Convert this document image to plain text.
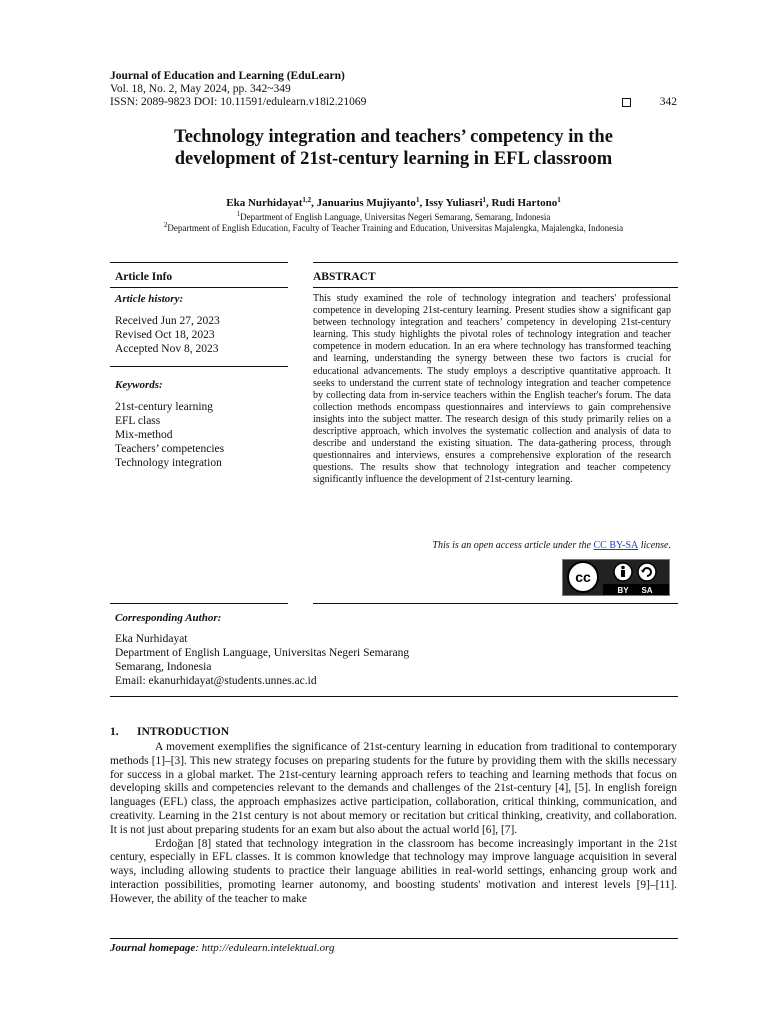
Journal of Education and Learning (EduLearn)
Vol. 18, No. 2, May 2024, pp. 342~349
ISSN: 2089-9823 DOI: 10.11591/edulearn.v18i2.21069	342
Technology integration and teachers’ competency in the
development of 21st-century learning in EFL classroom
Eka Nurhidayat$^{1,2}$, Januarius Mujiyanto$^1$, Issy Yuliasri$^1$, Rudi Hartono$^1$
$^1$Department of English Language, Universitas Negeri Semarang, Semarang, Indonesia
$^2$Department of English Education, Faculty of Teacher Training and Education, Universitas Majalengka, Majalengka, Indonesia
Article Info	ABSTRACT
Article history:
Received Jun 27, 2023
Revised Oct 18, 2023
Accepted Nov 8, 2023
Keywords:
21st-century learning
EFL class
Mix-method
Teachers’ competencies
Technology integration

This study examined the role of technology integration and teachers' professional competence in developing 21st-century learning. Present studies show a significant gap between technology integration and teachers’ competency in developing 21st-century learning. This study highlights the pivotal roles of technology integration and teacher competence in modern education. In an era where technology has transformed teaching and learning, understanding the synergy between these two factors is crucial for educational advancements. The study employs a descriptive quantitative approach. It seeks to understand the current state of technology integration and teacher competence by collecting data from in-service teachers within the English teacher's forum. The data collection methods encompass questionnaires and interviews to gain comprehensive insights into the subject matter. The research design of this study primarily relies on a descriptive approach, which involves the systematic collection and analysis of data to describe and understand the existing situation. The data-gathering process, through questionnaires and interviews, ensures a comprehensive exploration of the research questions. The results show that technology integration and teacher competency significantly influence the development of 21st-century learning.

This is an open access article under the CC BY-SA license.
cc
BY SA
Corresponding Author:
Eka Nurhidayat
Department of English Language, Universitas Negeri Semarang
Semarang, Indonesia
Email: ekanurhidayat@students.unnes.ac.id
1. INTRODUCTION

A movement exemplifies the significance of 21st-century learning in education from traditional to contemporary methods [1]–[3]. This new strategy focuses on preparing students for the future by providing them with the skills necessary for success in a global market. The 21st-century learning approach refers to teaching and learning methods that focus on developing skills and competencies relevant to the demands and challenges of the 21st-century [4], [5]. In english foreign languages (EFL) class, the approach emphasizes active participation, collaboration, critical thinking, communication, and creativity. Learning in the 21st century is not about memory or recitation but critical thinking, creativity, and collaboration. It is not just about preparing students for an exam but also about the actual world [6], [7].

Erdoğan [8] stated that technology integration in the classroom has become increasingly important in the 21st century, especially in EFL classes. It is common knowledge that technology may improve language acquisition in several ways, including allowing students to practice their language abilities in real-world settings, enhancing group work and interaction possibilities, promoting learner autonomy, and boosting students' motivation and interest levels [9]–[11]. However, the ability of the teacher to make

Journal homepage: http://edulearn.intelektual.org
